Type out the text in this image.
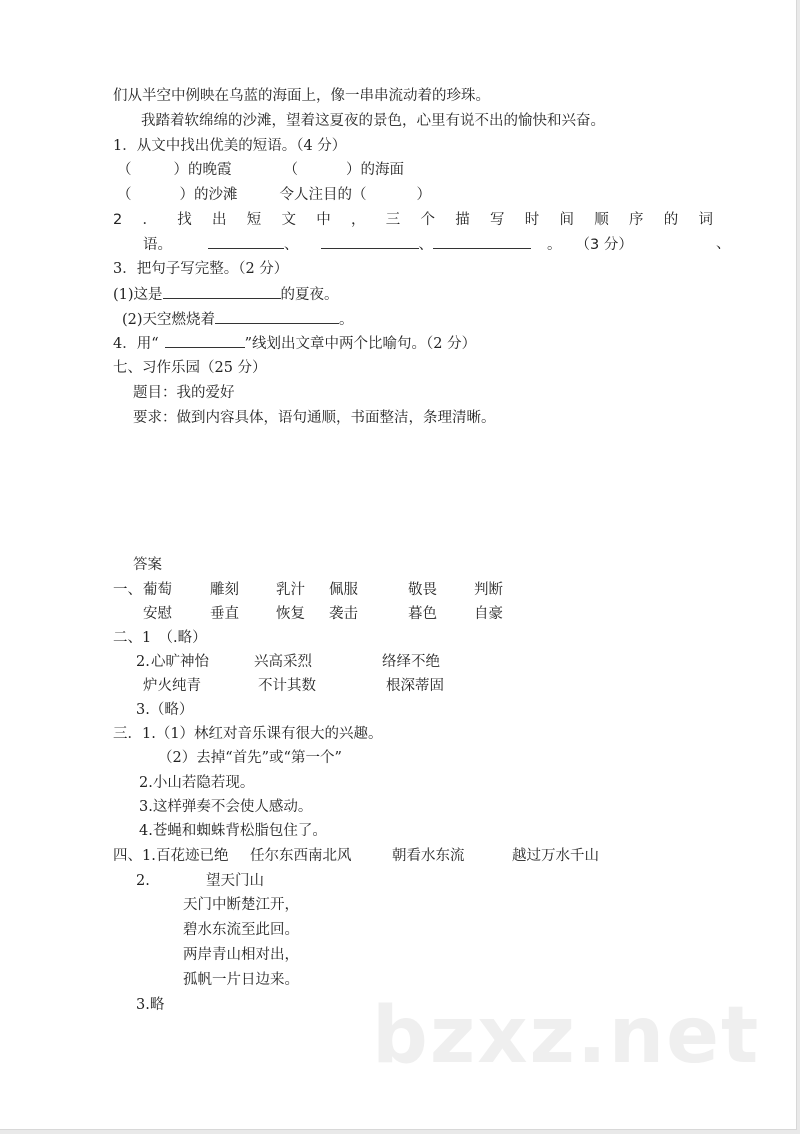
们从半空中例映在乌蓝的海面上，像一串串流动着的珍珠。
我踏着软绵绵的沙滩，望着这夏夜的景色，心里有说不出的愉快和兴奋。
1．从文中找出优美的短语。（4 分）
（	）的晚霞	（	）的海面
（	）的沙滩	令人注目的（	）
2 ． 找 出 短 文 中 ， 三 个 描 写 时 间 顺 序 的 词
语。	、	、	。 （3 分）	、
3．把句子写完整。（2 分）
(1)这是	的夏夜。
(2)天空燃烧着	。
4．用“	”线划出文章中两个比喻句。（2 分）
七、习作乐园（25 分）
题目：我的爱好
要求：做到内容具体，语句通顺，书面整洁，条理清晰。
答案
一、 葡萄	雕刻	乳汁 佩服	敬畏	判断
安慰	垂直	恢复 袭击	暮色	自豪
二、1　（.略）
2. 心旷神怡	兴高采烈	络绎不绝
炉火纯青	不计其数	根深蒂固
3.（略）
三．1.（1）林红对音乐课有很大的兴趣。
（2）去掉“首先”或“第一个”
2.小山若隐若现。
3.这样弹奏不会使人感动。
4.苍蝇和蜘蛛背松脂包住了。
四、1. 百花迹已绝 任尔东西南北风	朝看水东流	越过万水千山
2.	望天门山
天门中断楚江开，
碧水东流至此回。
两岸青山相对出，
孤帆一片日边来。
3.略	bzxz.net
